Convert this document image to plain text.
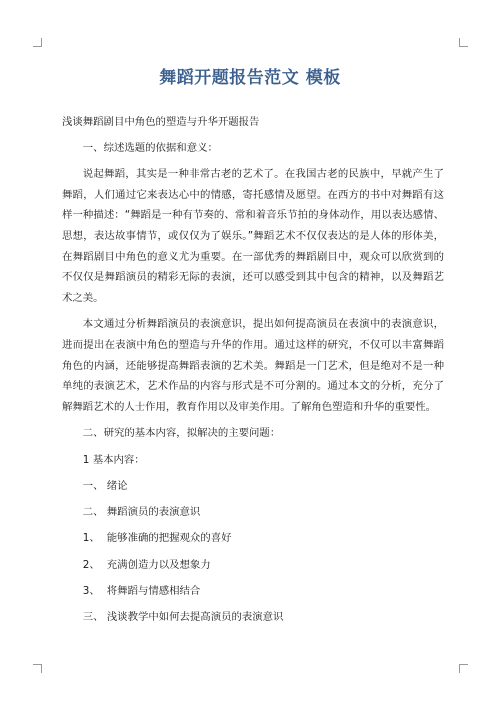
舞蹈开题报告范文 模板

浅谈舞蹈剧目中角色的塑造与升华开题报告

一、综述选题的依据和意义：

说起舞蹈，其实是一种非常古老的艺术了。在我国古老的民族中，早就产生了舞蹈，人们通过它来表达心中的情感，寄托感情及愿望。在西方的书中对舞蹈有这样一种描述：“舞蹈是一种有节奏的、常和着音乐节拍的身体动作，用以表达感情、思想，表达故事情节，或仅仅为了娱乐。”舞蹈艺术不仅仅表达的是人体的形体美，在舞蹈剧目中角色的意义尤为重要。在一部优秀的舞蹈剧目中，观众可以欣赏到的不仅仅是舞蹈演员的精彩无际的表演，还可以感受到其中包含的精神，以及舞蹈艺术之美。

本文通过分析舞蹈演员的表演意识，提出如何提高演员在表演中的表演意识，进而提出在表演中角色的塑造与升华的作用。通过这样的研究，不仅可以丰富舞蹈角色的内涵，还能够提高舞蹈表演的艺术美。舞蹈是一门艺术，但是绝对不是一种单纯的表演艺术，艺术作品的内容与形式是不可分割的。通过本文的分析，充分了解舞蹈艺术的人士作用，教育作用以及审美作用。了解角色塑造和升华的重要性。

二、研究的基本内容，拟解决的主要问题：

1 基本内容：

一、 绪论

二、 舞蹈演员的表演意识

1、 能够准确的把握观众的喜好

2、 充满创造力以及想象力

3、 将舞蹈与情感相结合

三、 浅谈教学中如何去提高演员的表演意识
